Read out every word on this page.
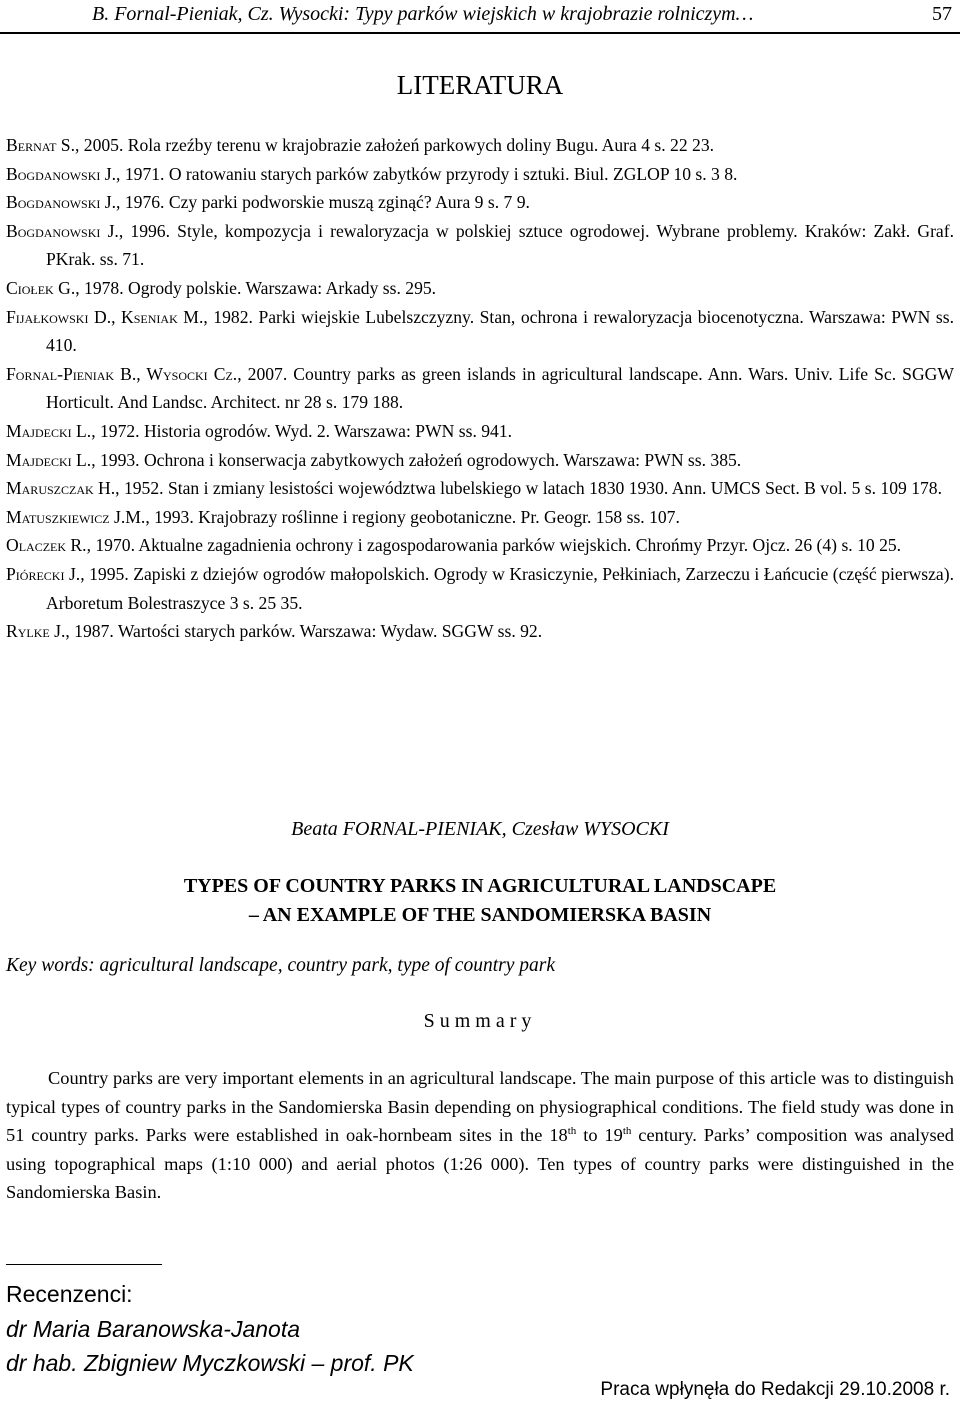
B. Fornal-Pieniak, Cz. Wysocki: Typy parków wiejskich w krajobrazie rolniczym…	57
LITERATURA
Bernat S., 2005. Rola rzeźby terenu w krajobrazie założeń parkowych doliny Bugu. Aura 4 s. 22 23.
Bogdanowski J., 1971. O ratowaniu starych parków zabytków przyrody i sztuki. Biul. ZGLOP 10 s. 3 8.
Bogdanowski J., 1976. Czy parki podworskie muszą zginąć? Aura 9 s. 7 9.
Bogdanowski J., 1996. Style, kompozycja i rewaloryzacja w polskiej sztuce ogrodowej. Wybrane problemy. Kraków: Zakł. Graf. PKrak. ss. 71.
Ciołek G., 1978. Ogrody polskie. Warszawa: Arkady ss. 295.
Fijałkowski D., Kseniak M., 1982. Parki wiejskie Lubelszczyzny. Stan, ochrona i rewaloryzacja biocenotyczna. Warszawa: PWN ss. 410.
Fornal-Pieniak B., Wysocki Cz., 2007. Country parks as green islands in agricultural landscape. Ann. Wars. Univ. Life Sc. SGGW Horticult. And Landsc. Architect. nr 28 s. 179 188.
Majdecki L., 1972. Historia ogrodów. Wyd. 2. Warszawa: PWN ss. 941.
Majdecki L., 1993. Ochrona i konserwacja zabytkowych założeń ogrodowych. Warszawa: PWN ss. 385.
Maruszczak H., 1952. Stan i zmiany lesistości województwa lubelskiego w latach 1830 1930. Ann. UMCS Sect. B vol. 5 s. 109 178.
Matuszkiewicz J.M., 1993. Krajobrazy roślinne i regiony geobotaniczne. Pr. Geogr. 158 ss. 107.
Olaczek R., 1970. Aktualne zagadnienia ochrony i zagospodarowania parków wiejskich. Chrońmy Przyr. Ojcz. 26 (4) s. 10 25.
Piórecki J., 1995. Zapiski z dziejów ogrodów małopolskich. Ogrody w Krasiczynie, Pełkiniach, Zarzeczu i Łańcucie (część pierwsza). Arboretum Bolestraszyce 3 s. 25 35.
Rylke J., 1987. Wartości starych parków. Warszawa: Wydaw. SGGW ss. 92.
Beata FORNAL-PIENIAK, Czesław WYSOCKI
TYPES OF COUNTRY PARKS IN AGRICULTURAL LANDSCAPE
– AN EXAMPLE OF THE SANDOMIERSKA BASIN
Key words: agricultural landscape, country park, type of country park
Summary

Country parks are very important elements in an agricultural landscape. The main purpose of this article was to distinguish typical types of country parks in the Sandomierska Basin depending on physiographical conditions. The field study was done in 51 country parks. Parks were established in oak-hornbeam sites in the 18th to 19th century. Parks’ composition was analysed using topographical maps (1:10 000) and aerial photos (1:26 000). Ten types of country parks were distinguished in the Sandomierska Basin.

Recenzenci:
dr Maria Baranowska-Janota
dr hab. Zbigniew Myczkowski – prof. PK
Praca wpłynęła do Redakcji 29.10.2008 r.
